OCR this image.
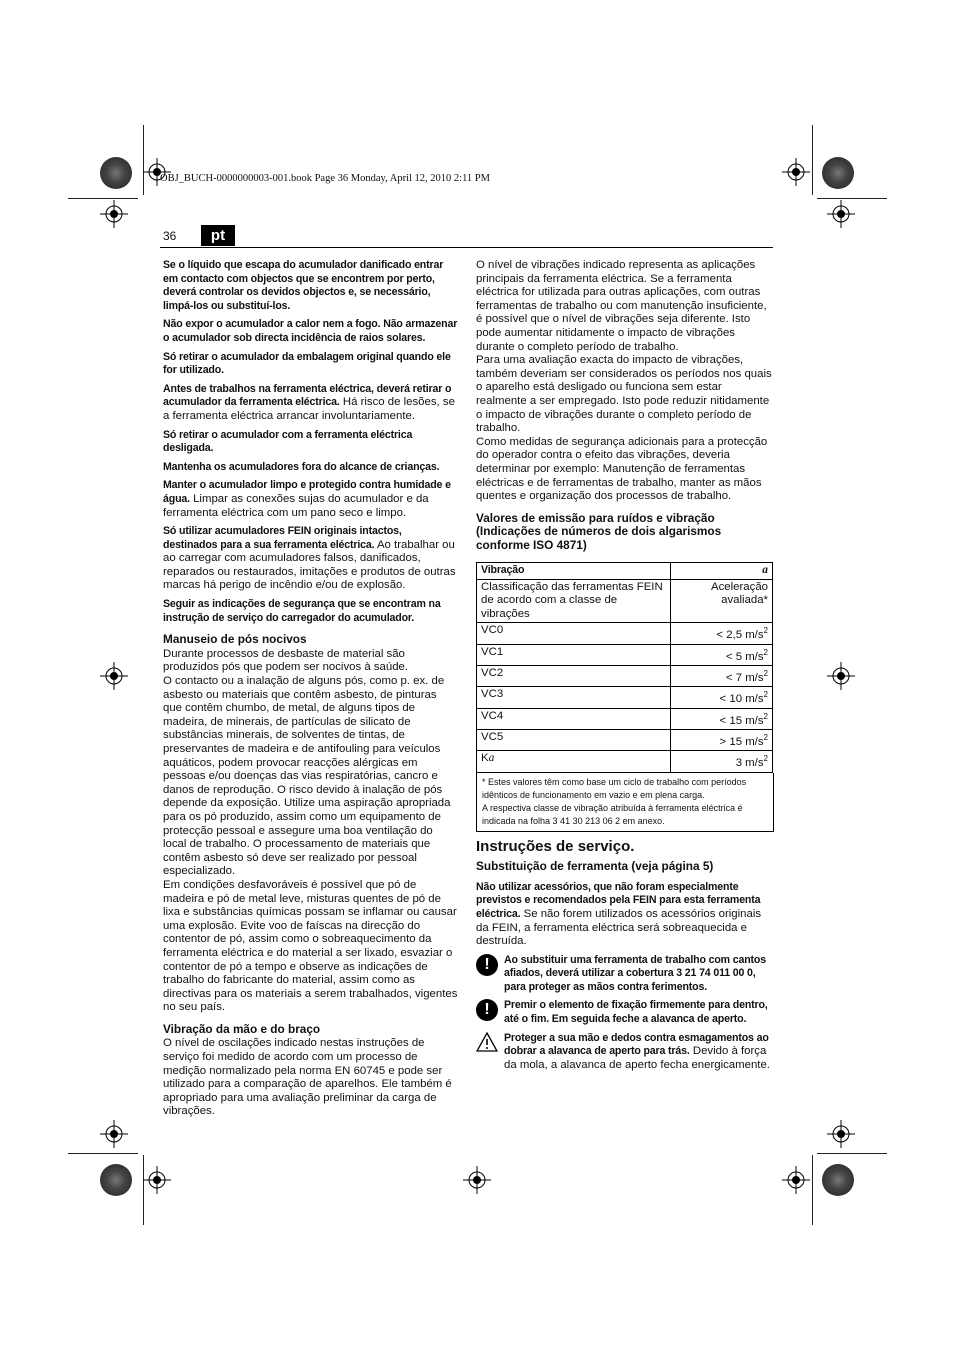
OBJ_BUCH-0000000003-001.book Page 36 Monday, April 12, 2010 2:11 PM
36	pt

Se o líquido que escapa do acumulador danificado entrar em contacto com objectos que se encontrem por perto, deverá controlar os devidos objectos e, se necessário, limpá-los ou substituí-los.

Não expor o acumulador a calor nem a fogo. Não armazenar o acumulador sob directa incidência de raios solares.

Só retirar o acumulador da embalagem original quando ele for utilizado.

Antes de trabalhos na ferramenta eléctrica, deverá retirar o acumulador da ferramenta eléctrica. Há risco de lesões, se a ferramenta eléctrica arrancar involuntariamente.

Só retirar o acumulador com a ferramenta eléctrica desligada.

Mantenha os acumuladores fora do alcance de crianças.

Manter o acumulador limpo e protegido contra humidade e água. Limpar as conexões sujas do acumulador e da ferramenta eléctrica com um pano seco e limpo.

Só utilizar acumuladores FEIN originais intactos, destinados para a sua ferramenta eléctrica. Ao trabalhar ou ao carregar com acumuladores falsos, danificados, reparados ou restaurados, imitações e produtos de outras marcas há perigo de incêndio e/ou de explosão.

Seguir as indicações de segurança que se encontram na instrução de serviço do carregador do acumulador.

Manuseio de pós nocivos

Durante processos de desbaste de material são produzidos pós que podem ser nocivos à saúde.

O contacto ou a inalação de alguns pós, como p. ex. de asbesto ou materiais que contêm asbesto, de pinturas que contêm chumbo, de metal, de alguns tipos de madeira, de minerais, de partículas de silicato de substâncias minerais, de solventes de tintas, de preservantes de madeira e de antifouling para veículos aquáticos, podem provocar reacções alérgicas em pessoas e/ou doenças das vias respiratórias, cancro e danos de reprodução. O risco devido à inalação de pós depende da exposição. Utilize uma aspiração apropriada para os pó produzido, assim como um equipamento de protecção pessoal e assegure uma boa ventilação do local de trabalho. O processamento de materiais que contêm asbesto só deve ser realizado por pessoal especializado.

Em condições desfavoráveis é possível que pó de madeira e pó de metal leve, misturas quentes de pó de lixa e substâncias químicas possam se inflamar ou causar uma explosão. Evite voo de faíscas na direcção do contentor de pó, assim como o sobreaquecimento da ferramenta eléctrica e do material a ser lixado, esvaziar o contentor de pó a tempo e observe as indicações de trabalho do fabricante do material, assim como as directivas para os materiais a serem trabalhados, vigentes no seu país.

Vibração da mão e do braço

O nível de oscilações indicado nestas instruções de serviço foi medido de acordo com um processo de medição normalizado pela norma EN 60745 e pode ser utilizado para a comparação de aparelhos. Ele também é apropriado para uma avaliação preliminar da carga de vibrações.

O nível de vibrações indicado representa as aplicações principais da ferramenta eléctrica. Se a ferramenta eléctrica for utilizada para outras aplicações, com outras ferramentas de trabalho ou com manutenção insuficiente, é possível que o nível de vibrações seja diferente. Isto pode aumentar nitidamente o impacto de vibrações durante o completo período de trabalho.

Para uma avaliação exacta do impacto de vibrações, também deveriam ser considerados os períodos nos quais o aparelho está desligado ou funciona sem estar realmente a ser empregado. Isto pode reduzir nitidamente o impacto de vibrações durante o completo período de trabalho.

Como medidas de segurança adicionais para a protecção do operador contra o efeito das vibrações, deveria determinar por exemplo: Manutenção de ferramentas eléctricas e de ferramentas de trabalho, manter as mãos quentes e organização dos processos de trabalho.

Valores de emissão para ruídos e vibração (Indicações de números de dois algarismos conforme ISO 4871)
Vibração	a
Classificação das ferramentas FEIN de acordo com a classe de vibrações	Aceleração avaliada*
VC0	< 2,5 $m/s^2$
VC1	< 5 $m/s^2$
VC2	< 7 $m/s^2$
VC3	< 10 $m/s^2$
VC4	< 15 $m/s^2$
VC5	> 15 $m/s^2$
Ka	3 $m/s^2$
* Estes valores têm como base um ciclo de trabalho com períodos idênticos de funcionamento em vazio e em plena carga.
A respectiva classe de vibração atribuída à ferramenta eléctrica é indicada na folha 3 41 30 213 06 2 em anexo.
Instruções de serviço.
Substituição de ferramenta (veja página 5)

Não utilizar acessórios, que não foram especialmente previstos e recomendados pela FEIN para esta ferramenta eléctrica. Se não forem utilizados os acessórios originais da FEIN, a ferramenta eléctrica será sobreaquecida e destruída.

!	Ao substituir uma ferramenta de trabalho com cantos afiados, deverá utilizar a cobertura 3 21 74 011 00 0, para proteger as mãos contra ferimentos.
!	Premir o elemento de fixação firmemente para dentro, até o fim. Em seguida feche a alavanca de aperto.
Proteger a sua mão e dedos contra esmagamentos ao dobrar a alavanca de aperto para trás. Devido à força da mola, a alavanca de aperto fecha energicamente.
